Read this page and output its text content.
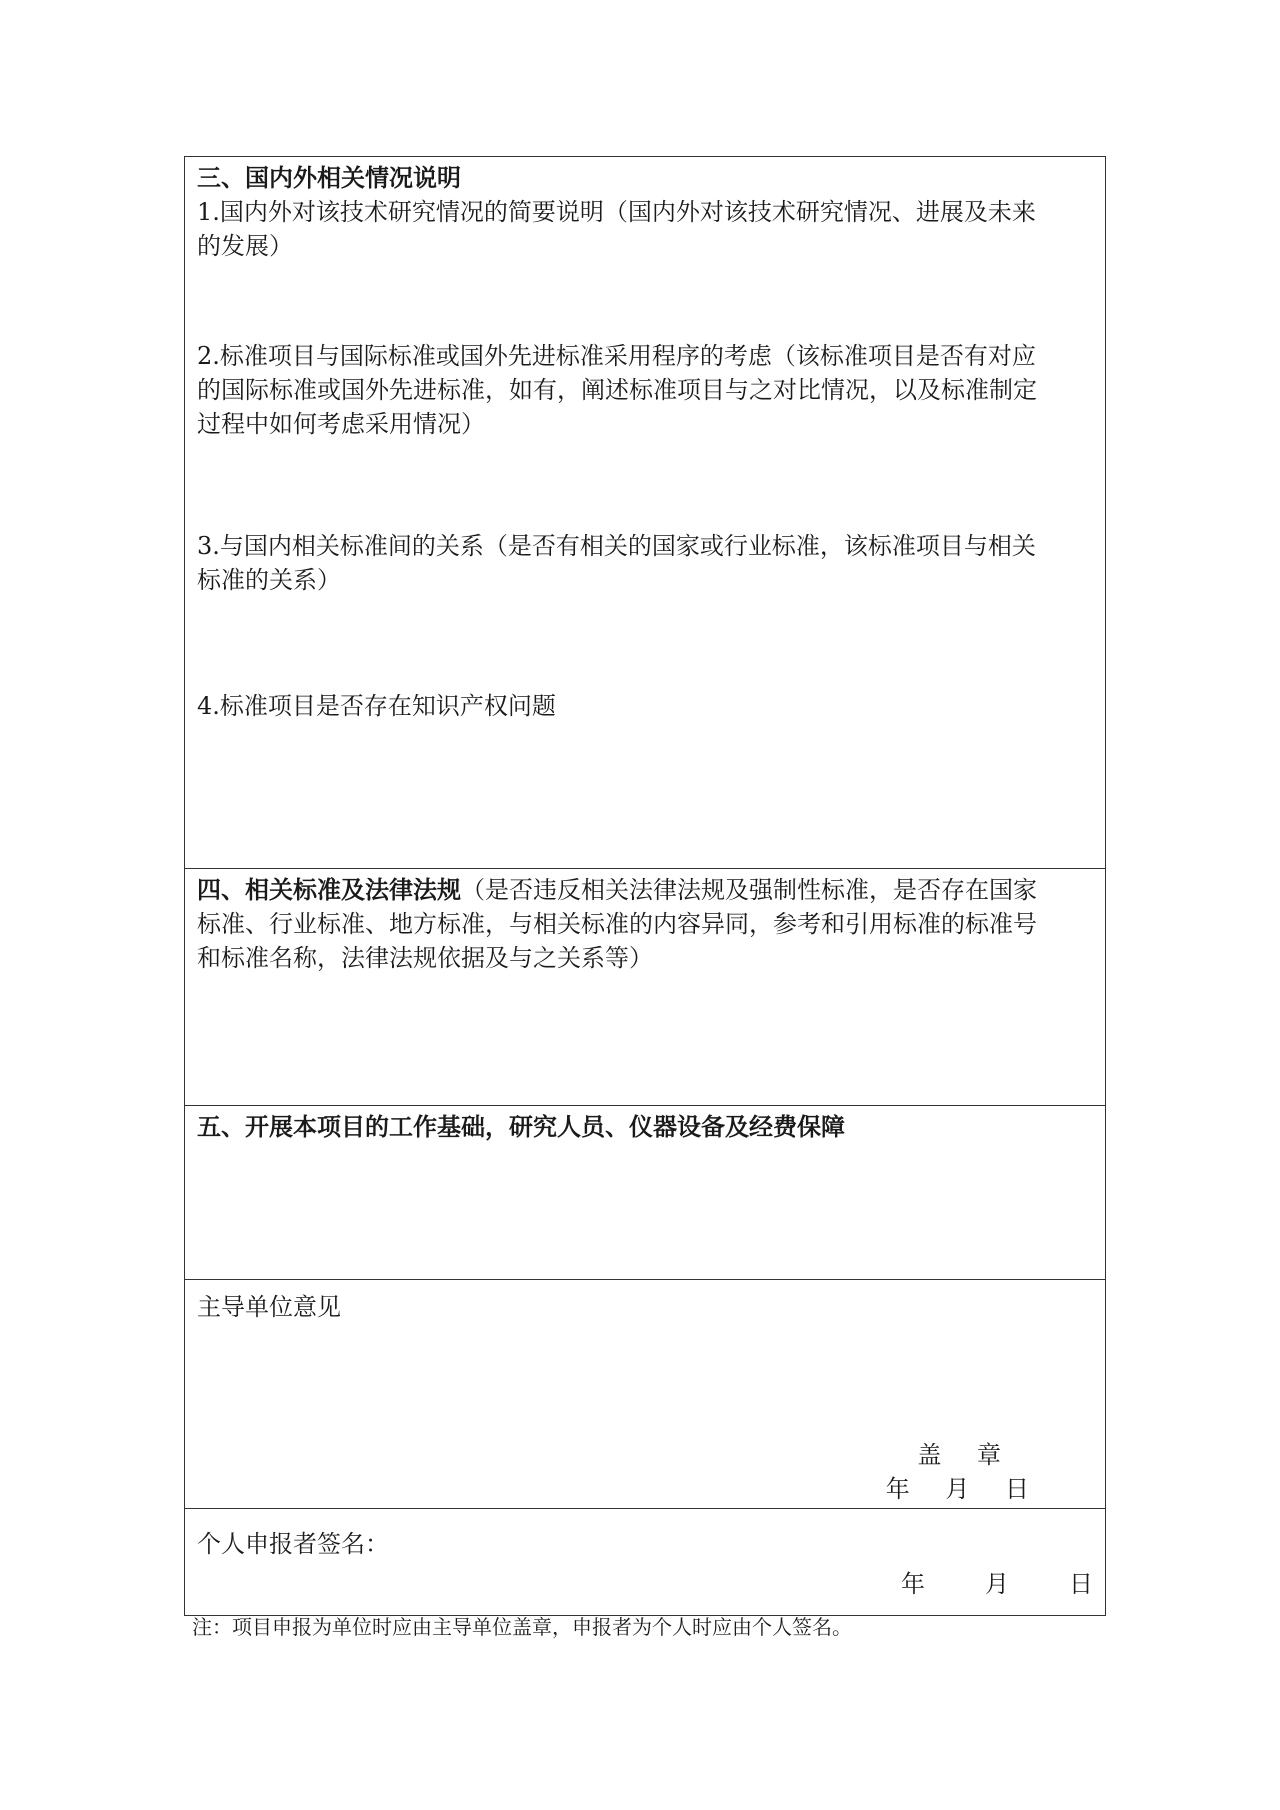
三、国内外相关情况说明

1.国内外对该技术研究情况的简要说明（国内外对该技术研究情况、进展及未来

的发展）

2.标准项目与国际标准或国外先进标准采用程序的考虑（该标准项目是否有对应

的国际标准或国外先进标准，如有，阐述标准项目与之对比情况，以及标准制定

过程中如何考虑采用情况）

3.与国内相关标准间的关系（是否有相关的国家或行业标准，该标准项目与相关

标准的关系）

4.标准项目是否存在知识产权问题

四、相关标准及法律法规（是否违反相关法律法规及强制性标准，是否存在国家

标准、行业标准、地方标准，与相关标准的内容异同，参考和引用标准的标准号

和标准名称，法律法规依据及与之关系等）

五、开展本项目的工作基础，研究人员、仪器设备及经费保障

主导单位意见

盖 章
年 月 日

个人申报者签名：

年	月	日
注：项目申报为单位时应由主导单位盖章，申报者为个人时应由个人签名。
